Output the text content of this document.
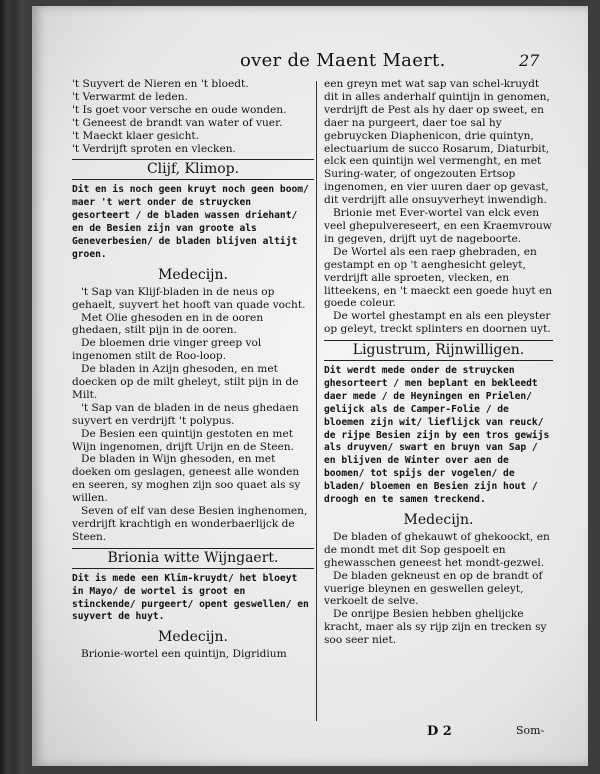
over de Maent Maert.	27

't Suyvert de Nieren en 't bloedt.

't Verwarmt de leden.

't Is goet voor versche en oude wonden.

't Geneest de brandt van water of vuer.

't Maeckt klaer gesicht.

't Verdrijft sproten en vlecken.

Clijf, Klimop.

Dit en is noch geen kruyt noch geen boom/ maer 't wert onder de struycken gesorteert / de bladen wassen driehant/ en de Besien zijn van groote als Geneverbesien/ de bladen blijven altijt groen.

Medecijn.

't Sap van Klijf-bladen in de neus op gehaelt, suyvert het hooft van quade vocht.

Met Olie ghesoden en in de ooren ghedaen, stilt pijn in de ooren.

De bloemen drie vinger greep vol ingenomen stilt de Roo-loop.

De bladen in Azijn ghesoden, en met doecken op de milt gheleyt, stilt pijn in de Milt.

't Sap van de bladen in de neus ghedaen suyvert en verdrijft 't polypus.

De Besien een quintijn gestoten en met Wijn ingenomen, drijft Urijn en de Steen.

De bladen in Wijn ghesoden, en met doeken om geslagen, geneest alle wonden en seeren, sy moghen zijn soo quaet als sy willen.

Seven of elf van dese Besien inghenomen, verdrijft krachtigh en wonderbaerlijck de Steen.

Brionia witte Wijngaert.

Dit is mede een Klim-kruydt/ het bloeyt in Mayo/ de wortel is groot en stinckende/ purgeert/ opent geswellen/ en suyvert de huyt.

Medecijn.

Brionie-wortel een quintijn, Digridium

een greyn met wat sap van schel-kruydt dit in alles anderhalf quintijn in genomen, verdrijft de Pest als hy daer op sweet, en daer na purgeert, daer toe sal hy gebruycken Diaphenicon, drie quintyn, electuarium de succo Rosarum, Diaturbit, elck een quintijn wel vermenght, en met Suring-water, of ongezouten Ertsop ingenomen, en vier uuren daer op gevast, dit verdrijft alle onsuyverheyt inwendigh.

Brionie met Ever-wortel van elck even veel ghepulvereseert, en een Kraemvrouw in gegeven, drijft uyt de nageboorte.

De Wortel als een raep ghebraden, en gestampt en op 't aenghesicht geleyt, verdrijft alle sproeten, vlecken, en litteekens, en 't maeckt een goede huyt en goede coleur.

De wortel ghestampt en als een pleyster op geleyt, treckt splinters en doornen uyt.

Ligustrum, Rijnwilligen.

Dit werdt mede onder de struycken ghesorteert / men beplant en bekleedt daer mede / de Heyningen en Prielen/ gelijck als de Camper-Folie / de bloemen zijn wit/ lieflijck van reuck/ de rijpe Besien zijn by een tros gewijs als druyven/ swart en bruyn van Sap / en blijven de Winter over aen de boomen/ tot spijs der vogelen/ de bladen/ bloemen en Besien zijn hout / droogh en te samen treckend.

Medecijn.

De bladen of ghekauwt of ghekoockt, en de mondt met dit Sop gespoelt en ghewasschen geneest het mondt-gezwel.

De bladen gekneust en op de brandt of vuerige bleynen en geswellen geleyt, verkoelt de selve.

De onrijpe Besien hebben ghelijcke kracht, maer als sy rijp zijn en trecken sy soo seer niet.

D 2	Som-
